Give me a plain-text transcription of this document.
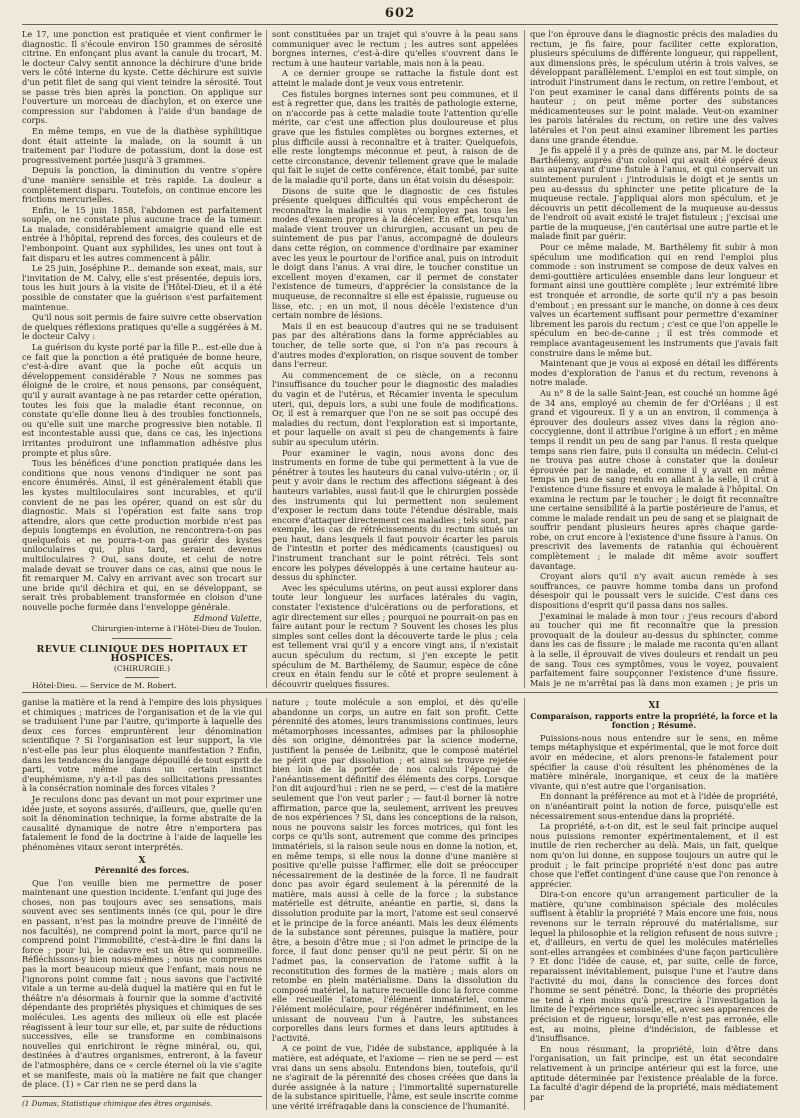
602

Le 17, une ponction est pratiquée et vient confirmer le diagnostic. Il s'écoule environ 150 grammes de sérosité citrine. En enfonçant plus avant la canule du trocart, M. le docteur Calvy sentit annonce la déchirure d'une bride vers le côté interne du kyste. Cette déchirure est suivie d'un petit filet de sang qui vient teindre la sérosité. Tout se passe très bien après la ponction. On applique sur l'ouverture un morceau de diachylon, et on exerce une compression sur l'abdomen à l'aide d'un bandage de corps.

En même temps, en vue de la diathèse syphilitique dont était atteinte la malade, on la soumit à un traitement par l'iodure de potassium, dont la dose est progressivement portée jusqu'à 3 grammes.

Depuis la ponction, la diminution du ventre s'opère d'une manière sensible et très rapide. La douleur a complètement disparu. Toutefois, on continue encore les frictions mercurielles.

Enfin, le 15 juin 1858, l'abdomen est parfaitement souple, on ne constate plus aucune trace de la tumeur. La malade, considérablement amaigrie quand elle est entrée à l'hôpital, reprend des forces, des couleurs et de l'embonpoint. Quant aux syphilides, les unes ont tout à fait disparu et les autres commencent à pâlir.

Le 25 juin, Joséphine P... demande son exeat, mais, sur l'invitation de M. Calvy, elle s'est présentée, depuis lors, tous les huit jours à la visite de l'Hôtel-Dieu, et il a été possible de constater que la guérison s'est parfaitement maintenue.

Qu'il nous soit permis de faire suivre cette observation de quelques réflexions pratiques qu'elle a suggérées à M. le docteur Calvy :

La guérison du kyste porté par la fille P... est-elle due à ce fait que la ponction a été pratiquée de bonne heure, c'est-à-dire avant que la poche eût acquis un développement considérable ? Nous ne sommes pas éloigné de le croire, et nous pensons, par conséquent, qu'il y aurait avantage à ne pas retarder cette opération, toutes les fois que la maladie étant reconnue, on constate qu'elle donne lieu à des troubles fonctionnels, ou qu'elle suit une marche progressive bien notable. Il est incontestable aussi que, dans ce cas, les injections irritantes produiront une inflammation adhésive plus prompte et plus sûre.

Tous les bénéfices d'une ponction pratiquée dans les conditions que nous venons d'indiquer ne sont pas encore énumérés. Ainsi, il est généralement établi que les kystes multiloculaires sont incurables, et qu'il convient de ne pas les opérer, quand on est sûr du diagnostic. Mais si l'opération est faite sans trop attendre, alors que cette production morbide n'est pas depuis longtemps en évolution, ne rencontrera-t-on pas quelquefois et ne pourra-t-on pas guérir des kystes uniloculaires qui, plus tard, seraient devenus multiloculaires ? Oui, sans doute, et celui de notre malade devait se trouver dans ce cas, ainsi que nous le fit remarquer M. Calvy en arrivant avec son trocart sur une bride qu'il déchira et qui, en se développant, se serait très probablement transformée en cloison d'une nouvelle poche formée dans l'enveloppe générale.

Edmond Valette,
Chirurgien-interne à l'Hôtel-Dieu de Toulon.
REVUE CLINIQUE DES HOPITAUX ET HOSPICES.
(CHIRURGIE.)

Hôtel-Dieu. — Service de M. Robert.

sont constituées par un trajet qui s'ouvre à la peau sans communiquer avec le rectum ; les autres sont appelées borgnes internes, c'est-à-dire qu'elles s'ouvrent dans le rectum à une hauteur variable, mais non à la peau.

A ce dernier groupe se rattache la fistule dont est atteint le malade dont je veux vous entretenir.

Ces fistules borgnes internes sont peu communes, et il est à regretter que, dans les traités de pathologie externe, on n'accorde pas à cette maladie toute l'attention qu'elle mérite, car c'est une affection plus douloureuse et plus grave que les fistules complètes ou borgnes externes, et plus difficile aussi à reconnaître et à traiter. Quelquefois, elle reste longtemps méconnue et peut, à raison de de cette circonstance, devenir tellement grave que le malade qui fait le sujet de cette conférence, était tombé, par suite de la maladie qu'il porte, dans un état voisin du désespoir.

Disons de suite que le diagnostic de ces fistules présente quelques difficultés qui vous empêcheront de reconnaître la maladie si vous n'employez pas tous les modes d'examen propres à la déceler. En effet, lorsqu'un malade vient trouver un chirurgien, accusant un peu de suintement de pus par l'anus, accompagné de douleurs dans cette région, on commence d'ordinaire par examiner avec les yeux le pourtour de l'orifice anal, puis on introduit le doigt dans l'anus. A vrai dire, le toucher constitue un excellent moyen d'examen, car il permet de constater l'existence de tumeurs, d'apprécier la consistance de la muqueuse, de reconnaître si elle est épaissie, rugueuse ou lisse, etc. ; en un mot, il nous décèle l'existence d'un certain nombre de lésions.

Mais il en est beaucoup d'autres qui ne se traduisent pas par des altérations dans la forme appréciables au toucher, de telle sorte que, si l'on n'a pas recours à d'autres modes d'exploration, on risque souvent de tomber dans l'erreur.

Au commencement de ce siècle, on a reconnu l'insuffisance du toucher pour le diagnostic des maladies du vagin et de l'utérus, et Récamier inventa le speculum uteri, qui, depuis lors, a subi une foule de modifications. Or, il est à remarquer que l'on ne se soit pas occupé des maladies du rectum, dont l'exploration est si importante, et pour laquelle on avait si peu de changements à faire subir au speculum utérin.

Pour examiner le vagin, nous avons donc des instruments en forme de tube qui permettent à la vue de pénétrer à toutes les hauteurs du canal vulvo-utérin ; or, il peut y avoir dans le rectum des affections siégeant à des hauteurs variables, aussi faut-il que le chirurgien possède des instruments qui lui permettent non seulement d'exposer le rectum dans toute l'étendue désirable, mais encore d'attaquer directement ces maladies ; tels sont, par exemple, les cas de rétrécissements du rectum situés un peu haut, dans lesquels il faut pouvoir écarter les parois de l'intestin et porter des médicaments (caustiques) ou l'instrument tranchant sur le point rétréci. Tels sont encore les polypes développés à une certaine hauteur au-dessus du sphincter.

Avec les spéculums utérins, on peut aussi explorer dans toute leur longueur les surfaces latérales du vagin, constater l'existence d'ulcérations ou de perforations, et agir directement sur elles ; pourquoi ne pourrait-on pas en faire autant pour le rectum ? Souvent les choses les plus simples sont celles dont la découverte tarde le plus ; cela est tellement vrai qu'il y a encore vingt ans, il n'existait aucun spéculum du rectum, si j'en excepte le petit spéculum de M. Barthélemy, de Saumur, espèce de cône creux en étain fendu sur le côté et propre seulement à découvrir quelques fissures.

que l'on éprouve dans le diagnostic précis des maladies du rectum, je fis faire, pour faciliter cette exploration, plusieurs spéculums de différente longueur, qui rappellent, aux dimensions près, le spéculum utérin à trois valves, se développant parallèlement. L'emploi en est tout simple, on introduit l'instrument dans le rectum, on retire l'embout, et l'on peut examiner le canal dans différents points de sa hauteur ; on peut même porter des substances médicamenteuses sur le point malade. Veut-on examiner les parois latérales du rectum, on retire une des valves latérales et l'on peut ainsi examiner librement les parties dans une grande étendue.

Je fis appelé il y a près de quinze ans, par M. le docteur Barthélemy, auprès d'un colonel qui avait été opéré deux ans auparavant d'une fistule à l'anus, et qui conservait un suintement purulent : j'introduisis le doigt et je sentis un peu au-dessus du sphincter une petite plicature de la muqueuse rectale. J'appliquai alors mon spéculum, et je découvris un petit décollement de la muqueuse au-dessus de l'endroit où avait existé le trajet fistuleux ; j'excisai une partie de la muqueuse, j'en cautérisai une autre partie et le malade finit par guérir.

Pour ce même malade, M. Barthélemy fit subir à mon spéculum une modification qui en rend l'emploi plus commode : son instrument se compose de deux valves en demi-gouttière articulées ensemble dans leur longueur et formant ainsi une gouttière complète ; leur extrémité libre est tronquée et arrondie, de sorte qu'il n'y a pas besoin d'embout ; en pressant sur le manche, on donne à ces deux valves un écartement suffisant pour permettre d'examiner librement les parois du rectum ; c'est ce que l'on appelle le spéculum en bec-de-canne ; il est très commode et remplace avantageusement les instruments que j'avais fait construire dans le même but.

Maintenant que je vous ai exposé en détail les différents modes d'exploration de l'anus et du rectum, revenons à notre malade.

Au n° 8 de la salle Saint-Jean, est couché un homme âgé de 34 ans, employé au chemin de fer d'Orléans ; il est grand et vigoureux. Il y a un an environ, il commença à éprouver des douleurs assez vives dans la région ano-coccygienne, dont il attribue l'origine à un effort ; en même temps il rendit un peu de sang par l'anus. Il resta quelque temps sans rien faire, puis il consulta un médecin. Celui-ci ne trouva pas autre chose à constater que la douleur éprouvée par le malade, et comme il y avait en même temps un peu de sang rendu en allant à la selle, il crut à l'existence d'une fissure et envoya le malade à l'hôpital. On examina le rectum par le toucher ; le doigt fit reconnaître une certaine sensibilité à la partie postérieure de l'anus, et comme le malade rendait un peu de sang et se plaignait de souffrir pendant plusieurs heures après chaque garde-robe, on crut encore à l'existence d'une fissure à l'anus. On prescrivit des lavements de ratanhia qui échouèrent complètement ; le malade dit même avoir souffert davantage.

Croyant alors qu'il n'y avait aucun remède à ses souffrances, ce pauvre homme tomba dans un profond désespoir qui le poussait vers le suicide. C'est dans ces dispositions d'esprit qu'il passa dans nos salles.

J'examinai le malade à mon tour : j'eus recours d'abord au toucher qui me fit reconnaître que la pression provoquait de la douleur au-dessus du sphincter, comme dans les cas de fissure ; le malade me raconta qu'en allant à la selle, il éprouvait de vives douleurs et rendait un peu de sang. Tous ces symptômes, vous le voyez, pouvaient parfaitement faire soupçonner l'existence d'une fissure. Mais je ne m'arrêtai pas là dans mon examen ; je pris un

ganise la matière et la rend à l'empire des lois physiques et chimiques ; matrices de l'organisation et de la vie qui se traduisent l'une par l'autre, qu'importe à laquelle des deux ces forces empruntèrent leur dénomination scientifique ? Si l'organisation est leur support, la vie n'est-elle pas leur plus éloquente manifestation ? Enfin, dans les tendances du langage dépouillé de tout esprit de parti, votre même dans un certain instinct d'euphémisme, n'y a-t-il pas des sollicitations pressantes à la consécration nominale des forces vitales ?

Je reculons donc pas devant un mot pour exprimer une idée juste, et soyons assurés, d'ailleurs, que, quelle qu'en soit la dénomination technique, la forme abstraite de la causalité dynamique de notre être n'emportera pas fatalement le fond de la doctrine à l'aide de laquelle les phénomènes vitaux seront interprétés.

X
Pérennité des forces.

Que l'on veuille bien me permettre de poser maintenant une question incidente. L'enfant qui juge des choses, non pas toujours avec ses sensations, mais souvent avec ses sentiments innés (ce qui, pour le dire en passant, n'est pas la moindre preuve de l'innéité de nos facultés), ne comprend point la mort, parce qu'il ne comprend point l'immobilité, c'est-à-dire le fini dans la force ; pour lui, le cadavre est un être qui sommeille. Réfléchissons-y bien nous-mêmes ; nous ne comprenons pas la mort beaucoup mieux que l'enfant, mais nous ne l'ignorons point comme fait ; nous savons que l'activité vitale a un terme au-delà duquel la matière qui en fut le théâtre n'a désormais à fournir que la somme d'activité dépendante des propriétés physiques et chimiques de ses molécules. Les agents des milieux où elle est placée réagissent à leur tour sur elle, et, par suite de réductions successives, elle se transforme en combinaisons nouvelles qui enrichiront le règne minéral, ou, qui, destinées à d'autres organismes, entreront, à la faveur de l'atmosphère, dans ce « cercle éternel où la vie s'agite et se manifeste, mais où la matière ne fait que changer de place. (1) » Car rien ne se perd dans la

nature ; toute molécule a son emploi, et dès qu'elle abandonne un corps, un autre en fait son profit. Cette pérennité des atomes, leurs transmissions continues, leurs métamorphoses incessantes, admises par la philosophie dès son origine, démontrées par la science moderne, justifient la pensée de Leibnitz, que le composé matériel ne périt que par dissolution ; et ainsi se trouve rejetée bien loin de la portée de nos calculs l'époque de l'anéantissement définitif des éléments des corps. Lorsque l'on dit aujourd'hui : rien ne se perd, — c'est de la matière seulement que l'on veut parler ; — faut-il borner là notre affirmation, parce que la, seulement, arrivent les preuves de nos expériences ? Si, dans les conceptions de la raison, nous ne pouvons saisir les forces motrices, qui font les corps ce qu'ils sont, autrement que comme des principes immatériels, si la raison seule nous en donne la notion, et, en même temps, si elle nous la donne d'une manière si positive qu'elle puisse l'affirmer, elle doit se préoccuper nécessairement de la destinée de la force. Il ne faudrait donc pas avoir égard seulement à la pérennité de la matière, mais aussi à celle de la force ; la substance matérielle est détruite, anéantie en partie, si, dans la dissolution produite par la mort, l'atome est seul conservé et le principe de la force anéanti. Mais les deux éléments de la substance sont pérennes, puisque la matière, pour être, a besoin d'être mue ; si l'on admet le principe de la force, il faut donc penser qu'il ne peut périr. Si on ne l'admet pas, la conservation de l'atome suffit à la reconstitution des formes de la matière ; mais alors on retombe en plein matérialisme. Dans la dissolution du composé matériel, la nature recueille donc la force comme elle recueille l'atome, l'élément immatériel, comme l'élément moléculaire, pour régénérer indéfiniment, en les unissant de nouveau l'un à l'autre, les substances corporelles dans leurs formes et dans leurs aptitudes à l'activité.

A ce point de vue, l'idée de substance, appliquée à la matière, est adéquate, et l'axiome — rien ne se perd — est vrai dans un sens absolu. Entendons bien, toutefois, qu'il ne s'agirait de la pérennité des choses créées que dans la durée assignée à la nature ; l'immortalité supernaturelle de la substance spirituelle, l'âme, est seule inscrite comme une vérité irréfragable dans la conscience de l'humanité.

XI
Comparaison, rapports entre la propriété, la force et la fonction ; Résumé.

Puissions-nous nous entendre sur le sens, en même temps métaphysique et expérimental, que le mot force doit avoir en médecine, et alors prenons-le fatalement pour spécifier la cause d'où résultent les phénomènes de la matière minérale, inorganique, et ceux de la matière vivante, qui n'est autre que l'organisation.

En donnant la préférence au mot et à l'idée de propriété, on n'anéantirait point la notion de force, puisqu'elle est nécessairement sous-entendue dans la propriété.

La propriété, a-t-on dit, est le seul fait principe auquel nous puissions remonter expérimentalement, et il est inutile de rien rechercher au delà. Mais, un fait, quelque nom qu'on lui donne, en suppose toujours un autre qui le produit ; le fait principe propriété n'est donc pas autre chose que l'effet contingent d'une cause que l'on renonce à apprécier.

Dira-t-on encore qu'un arrangement particulier de la matière, qu'une combinaison spéciale des molécules suffisent à établir la propriété ? Mais encore une fois, nous revenons sur le terrain réprouvé du matérialisme, sur lequel la philosophie et la religion refusent de nous suivre ; et, d'ailleurs, en vertu de quel les molécules matérielles sont-elles arrangées et combinées d'une façon particulière ? Et donc l'idée de cause, et, par suite, celle de force, reparaissent inévitablement, puisque l'une et l'autre dans l'activité du moi, dans la conscience des forces dont l'homme se sent pénétré. Donc, la théorie des propriétés ne tend à rien moins qu'à prescrire à l'investigation la limite de l'expérience sensuelle, et, avec ses apparences de précision et de rigueur, lorsqu'elle n'est pas erronée, elle est, au moins, pleine d'indécision, de faiblesse et d'insuffisance.

En nous résumant, la propriété, loin d'être dans l'organisation, un fait principe, est un état secondaire relativement à un principe antérieur qui est la force, une aptitude déterminée par l'existence préalable de la force. La faculté d'agir dépend de la propriété, mais médiatement par

(1 Dumas, Statistique chimique des êtres organisés.
